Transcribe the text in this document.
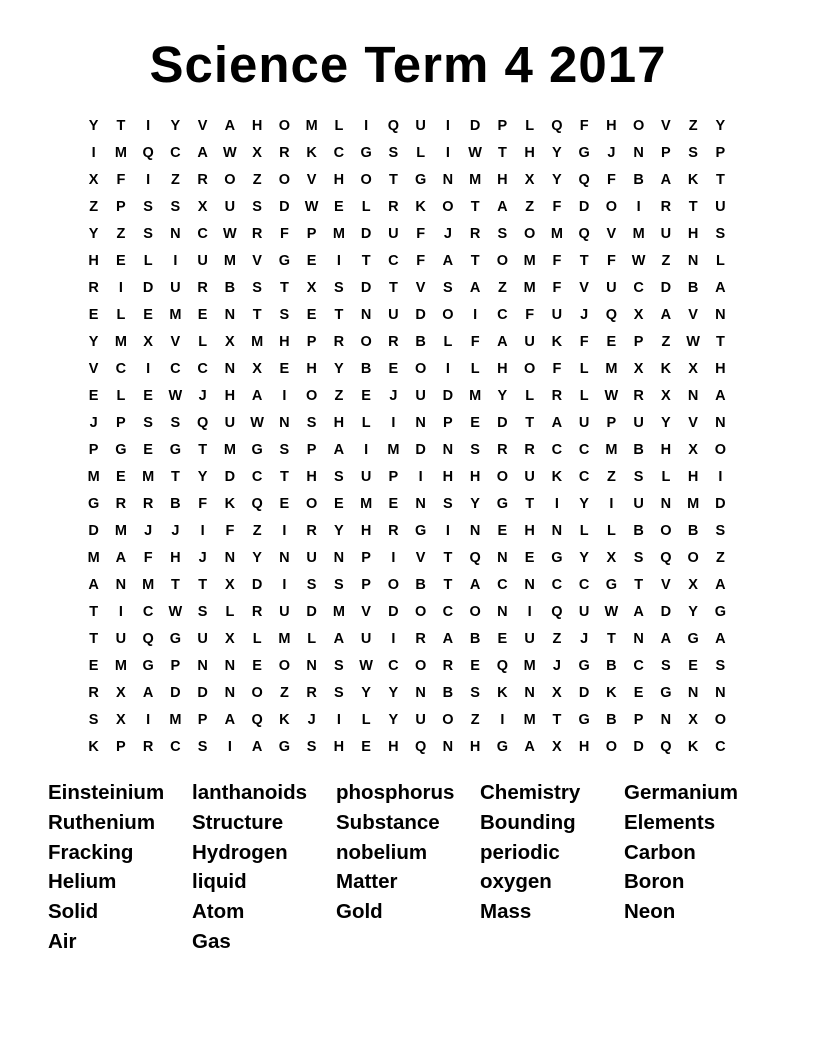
Science Term 4 2017
Y	T	I	Y	V	A	H	O	M	L	I	Q	U	I	D	P	L	Q	F	H	O	V	Z	Y
I	M	Q	C	A	W	X	R	K	C	G	S	L	I	W	T	H	Y	G	J	N	P	S	P
X	F	I	Z	R	O	Z	O	V	H	O	T	G	N	M	H	X	Y	Q	F	B	A	K	T
Z	P	S	S	X	U	S	D	W	E	L	R	K	O	T	A	Z	F	D	O	I	R	T	U
Y	Z	S	N	C	W	R	F	P	M	D	U	F	J	R	S	O	M	Q	V	M	U	H	S
H	E	L	I	U	M	V	G	E	I	T	C	F	A	T	O	M	F	T	F	W	Z	N	L
R	I	D	U	R	B	S	T	X	S	D	T	V	S	A	Z	M	F	V	U	C	D	B	A
E	L	E	M	E	N	T	S	E	T	N	U	D	O	I	C	F	U	J	Q	X	A	V	N
Y	M	X	V	L	X	M	H	P	R	O	R	B	L	F	A	U	K	F	E	P	Z	W	T
V	C	I	C	C	N	X	E	H	Y	B	E	O	I	L	H	O	F	L	M	X	K	X	H
E	L	E	W	J	H	A	I	O	Z	E	J	U	D	M	Y	L	R	L	W	R	X	N	A
J	P	S	S	Q	U	W	N	S	H	L	I	N	P	E	D	T	A	U	P	U	Y	V	N
P	G	E	G	T	M	G	S	P	A	I	M	D	N	S	R	R	C	C	M	B	H	X	O
M	E	M	T	Y	D	C	T	H	S	U	P	I	H	H	O	U	K	C	Z	S	L	H	I
G	R	R	B	F	K	Q	E	O	E	M	E	N	S	Y	G	T	I	Y	I	U	N	M	D
D	M	J	J	I	F	Z	I	R	Y	H	R	G	I	N	E	H	N	L	L	B	O	B	S
M	A	F	H	J	N	Y	N	U	N	P	I	V	T	Q	N	E	G	Y	X	S	Q	O	Z
A	N	M	T	T	X	D	I	S	S	P	O	B	T	A	C	N	C	C	G	T	V	X	A
T	I	C	W	S	L	R	U	D	M	V	D	O	C	O	N	I	Q	U	W	A	D	Y	G
T	U	Q	G	U	X	L	M	L	A	U	I	R	A	B	E	U	Z	J	T	N	A	G	A
E	M	G	P	N	N	E	O	N	S	W	C	O	R	E	Q	M	J	G	B	C	S	E	S
R	X	A	D	D	N	O	Z	R	S	Y	Y	N	B	S	K	N	X	D	K	E	G	N	N
S	X	I	M	P	A	Q	K	J	I	L	Y	U	O	Z	I	M	T	G	B	P	N	X	O
K	P	R	C	S	I	A	G	S	H	E	H	Q	N	H	G	A	X	H	O	D	Q	K	C
Einsteinium	lanthanoids	phosphorus	Chemistry	Germanium
Ruthenium	Structure	Substance	Bounding	Elements
Fracking	Hydrogen	nobelium	periodic	Carbon
Helium	liquid	Matter	oxygen	Boron
Solid	Atom	Gold	Mass	Neon
Air	Gas
